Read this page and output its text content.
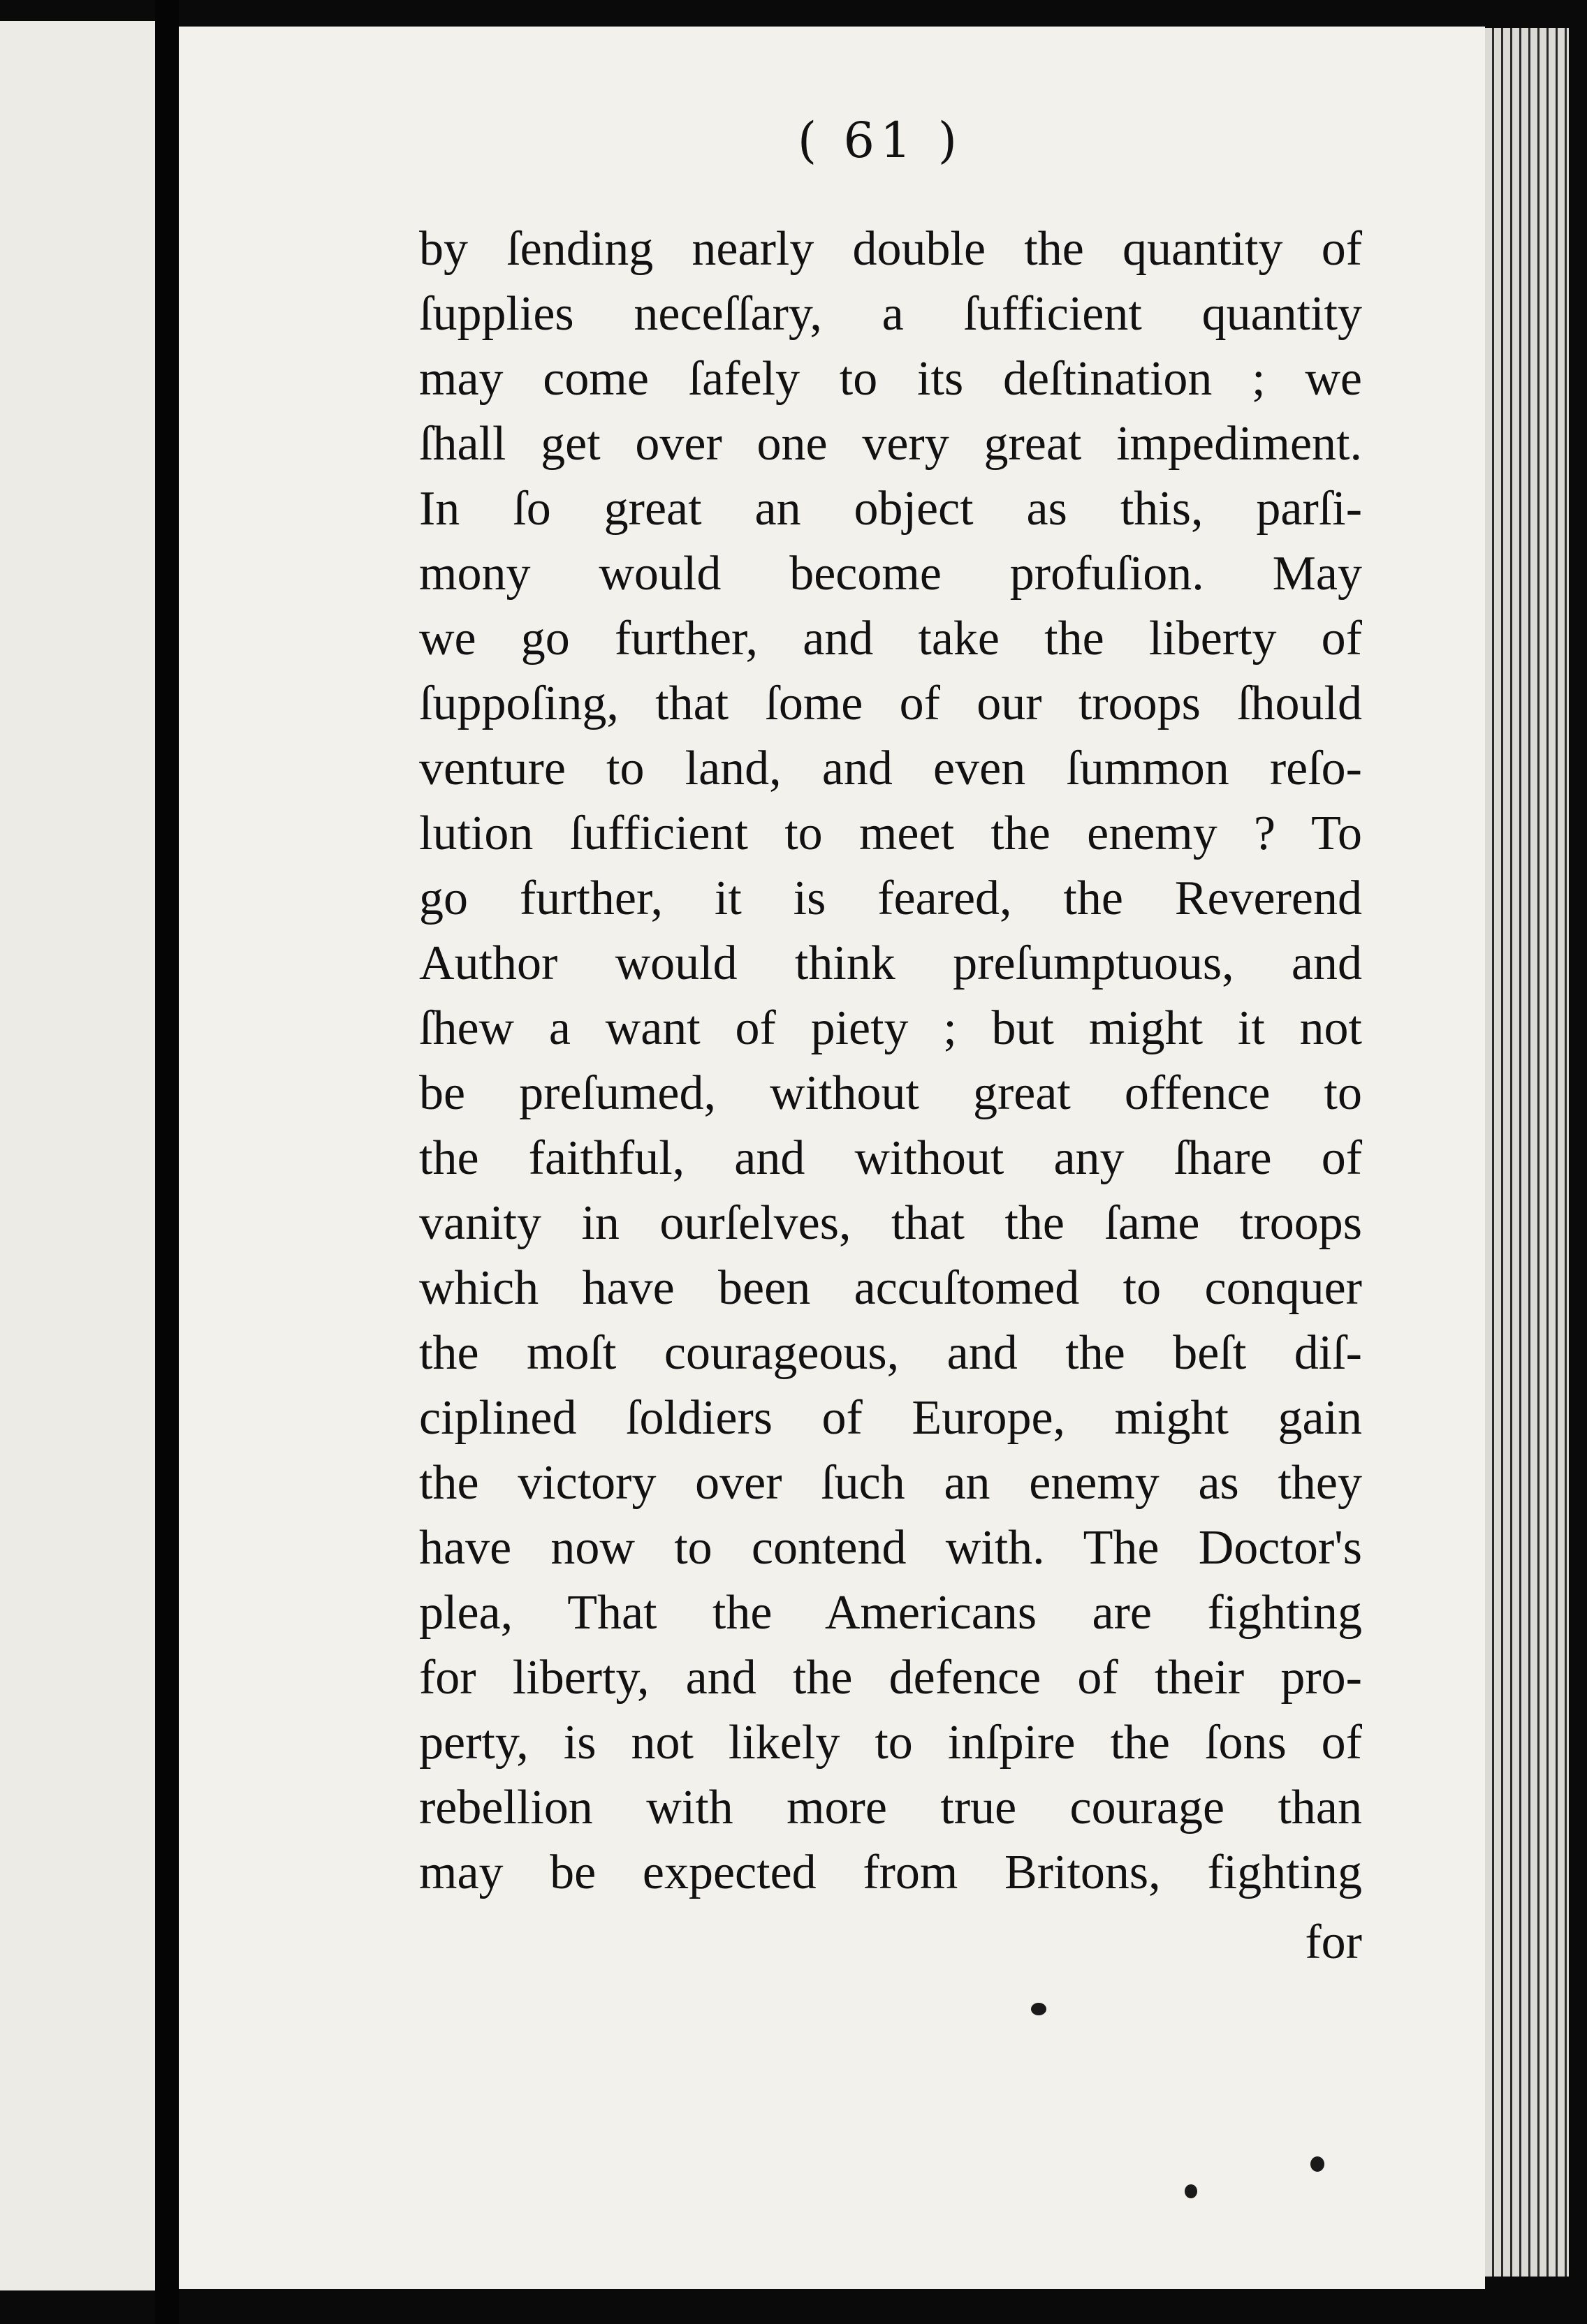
( 61 )
by ſending nearly double the quantity of
ſupplies neceſſary, a ſufficient quantity
may come ſafely to its deſtination ; we
ſhall get over one very great impediment.
In ſo great an object as this, parſi-
mony would become profuſion. May
we go further, and take the liberty of
ſuppoſing, that ſome of our troops ſhould
venture to land, and even ſummon reſo-
lution ſufficient to meet the enemy ? To
go further, it is feared, the Reverend
Author would think preſumptuous, and
ſhew a want of piety ; but might it not
be preſumed, without great offence to
the faithful, and without any ſhare of
vanity in ourſelves, that the ſame troops
which have been accuſtomed to conquer
the moſt courageous, and the beſt diſ-
ciplined ſoldiers of Europe, might gain
the victory over ſuch an enemy as they
have now to contend with. The Doctor's
plea, That the Americans are fighting
for liberty, and the defence of their pro-
perty, is not likely to inſpire the ſons of
rebellion with more true courage than
may be expected from Britons, fighting
for
